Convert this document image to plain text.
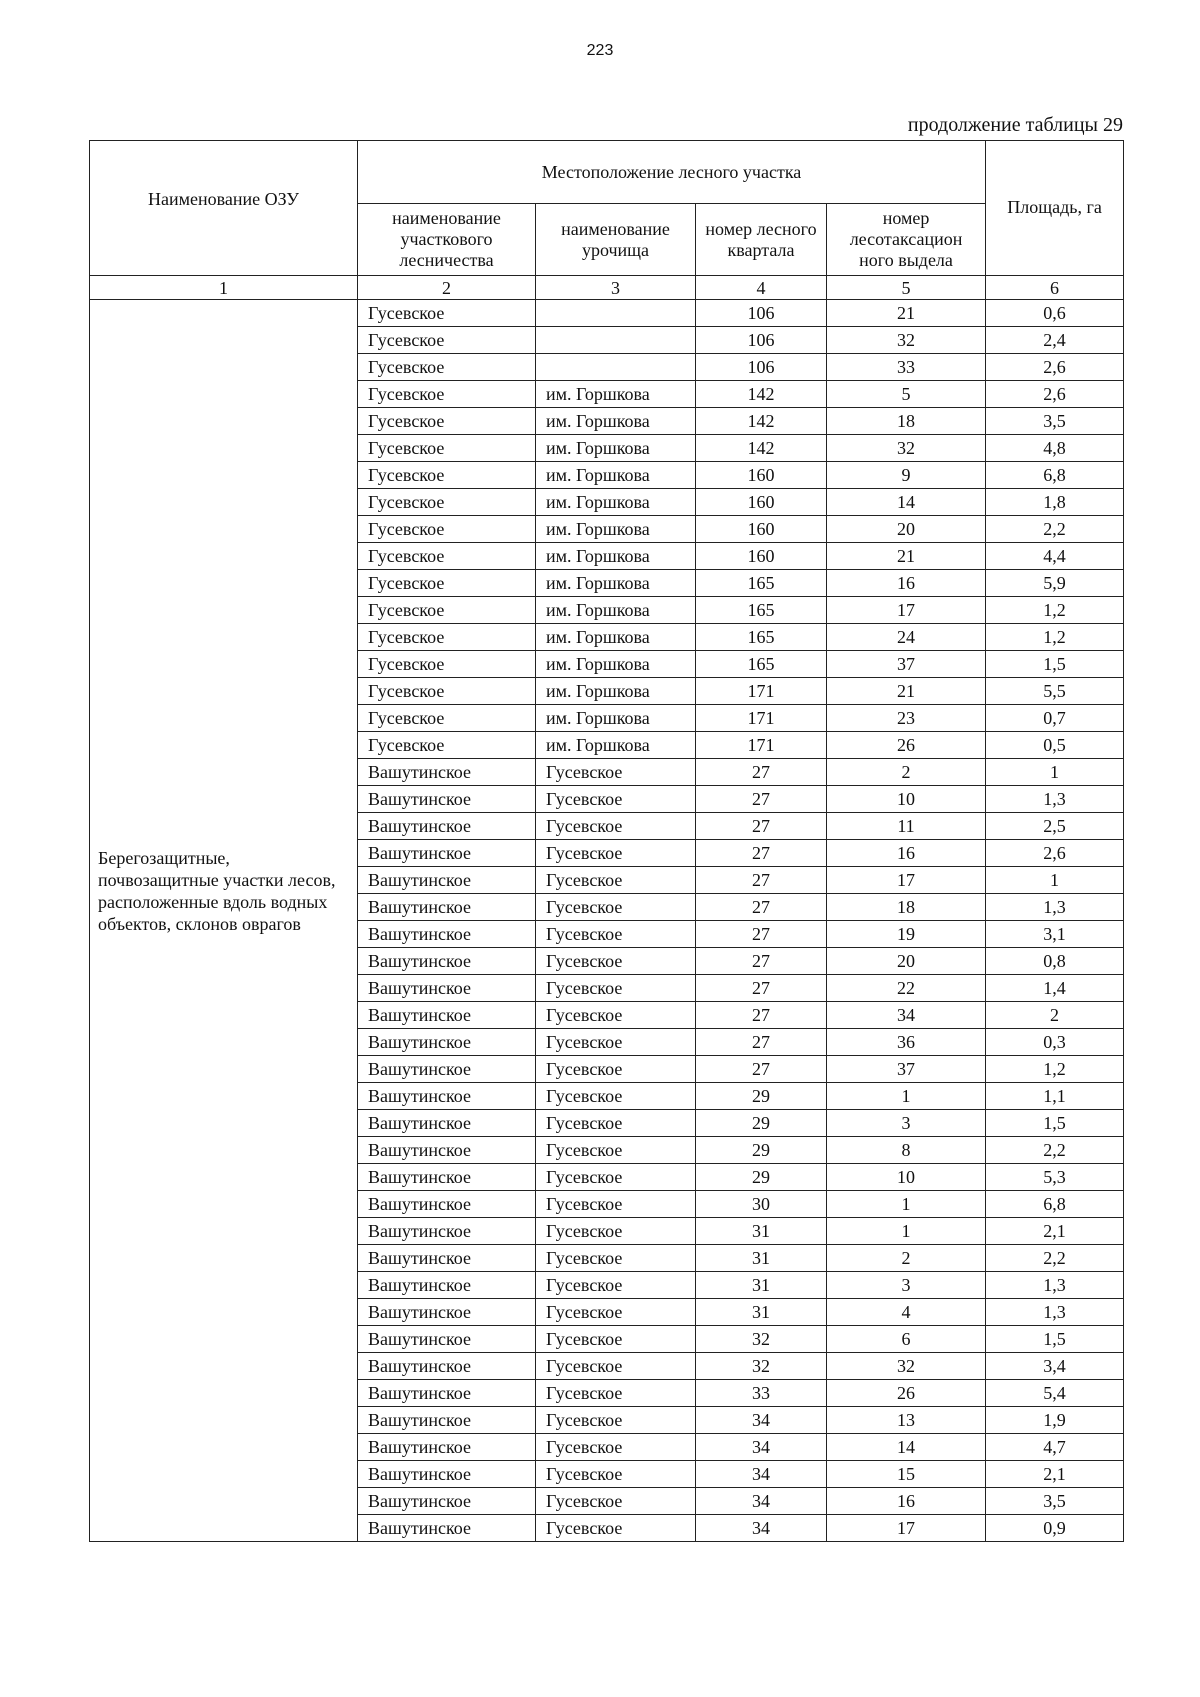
223
продолжение таблицы 29
Наименование ОЗУ	Местоположение лесного участка				Площадь, га
	наименование участкового лесничества	наименование урочища	номер лесного квартала	номер лесотаксацион ного выдела	
1	2	3	4	5	6
Берегозащитные, почвозащитные участки лесов, расположенные вдоль водных объектов, склонов оврагов	Гусевское		106	21	0,6
	Гусевское		106	32	2,4
	Гусевское		106	33	2,6
	Гусевское	им. Горшкова	142	5	2,6
	Гусевское	им. Горшкова	142	18	3,5
	Гусевское	им. Горшкова	142	32	4,8
	Гусевское	им. Горшкова	160	9	6,8
	Гусевское	им. Горшкова	160	14	1,8
	Гусевское	им. Горшкова	160	20	2,2
	Гусевское	им. Горшкова	160	21	4,4
	Гусевское	им. Горшкова	165	16	5,9
	Гусевское	им. Горшкова	165	17	1,2
	Гусевское	им. Горшкова	165	24	1,2
	Гусевское	им. Горшкова	165	37	1,5
	Гусевское	им. Горшкова	171	21	5,5
	Гусевское	им. Горшкова	171	23	0,7
	Гусевское	им. Горшкова	171	26	0,5
	Вашутинское	Гусевское	27	2	1
	Вашутинское	Гусевское	27	10	1,3
	Вашутинское	Гусевское	27	11	2,5
	Вашутинское	Гусевское	27	16	2,6
	Вашутинское	Гусевское	27	17	1
	Вашутинское	Гусевское	27	18	1,3
	Вашутинское	Гусевское	27	19	3,1
	Вашутинское	Гусевское	27	20	0,8
	Вашутинское	Гусевское	27	22	1,4
	Вашутинское	Гусевское	27	34	2
	Вашутинское	Гусевское	27	36	0,3
	Вашутинское	Гусевское	27	37	1,2
	Вашутинское	Гусевское	29	1	1,1
	Вашутинское	Гусевское	29	3	1,5
	Вашутинское	Гусевское	29	8	2,2
	Вашутинское	Гусевское	29	10	5,3
	Вашутинское	Гусевское	30	1	6,8
	Вашутинское	Гусевское	31	1	2,1
	Вашутинское	Гусевское	31	2	2,2
	Вашутинское	Гусевское	31	3	1,3
	Вашутинское	Гусевское	31	4	1,3
	Вашутинское	Гусевское	32	6	1,5
	Вашутинское	Гусевское	32	32	3,4
	Вашутинское	Гусевское	33	26	5,4
	Вашутинское	Гусевское	34	13	1,9
	Вашутинское	Гусевское	34	14	4,7
	Вашутинское	Гусевское	34	15	2,1
	Вашутинское	Гусевское	34	16	3,5
	Вашутинское	Гусевское	34	17	0,9
